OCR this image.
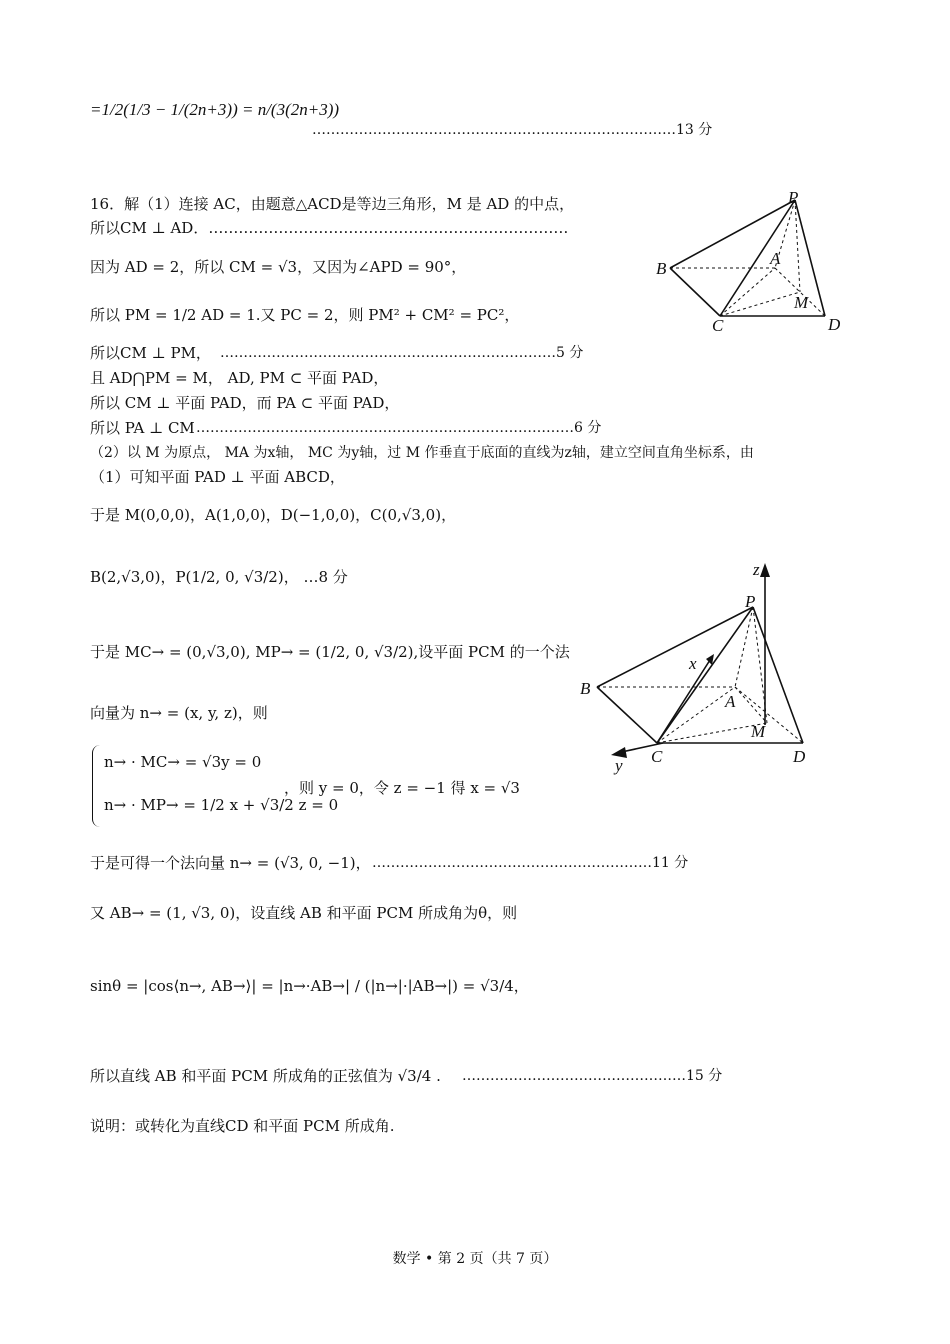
=1/2(1/3 − 1/(2n+3)) = n/(3(2n+3))
……………………………………………………………………13 分
16．解（1）连接 AC，由题意△ACD是等边三角形，M 是 AD 的中点，
所以CM ⊥ AD．………………………………………………………………
因为 AD = 2，所以 CM = √3，又因为∠APD = 90°，
所以 PM = 1/2 AD = 1.又 PC = 2，则 PM² + CM² = PC²，
所以CM ⊥ PM， ………………………………………………………………5 分
且 AD⋂PM = M， AD, PM ⊂ 平面 PAD，
所以 CM ⊥ 平面 PAD，而 PA ⊂ 平面 PAD，
所以 PA ⊥ CM ………………………………………………………………………6 分
（2）以 M 为原点， MA 为x轴， MC 为y轴，过 M 作垂直于底面的直线为z轴，建立空间直角坐标系，由
（1）可知平面 PAD ⊥ 平面 ABCD，
于是 M(0,0,0)，A(1,0,0)，D(−1,0,0)，C(0,√3,0)，
B(2,√3,0)，P(1/2, 0, √3/2)， …8 分
于是 MC→ = (0,√3,0), MP→ = (1/2, 0, √3/2),设平面 PCM 的一个法
向量为 n→ = (x, y, z)，则
n→ · MC→ = √3y = 0
n→ · MP→ = 1/2 x + √3/2 z = 0
，则 y = 0，令 z = −1 得 x = √3
于是可得一个法向量 n→ = (√3, 0, −1)， ……………………………………………………11 分
又 AB→ = (1, √3, 0)，设直线 AB 和平面 PCM 所成角为θ，则
sinθ = |cos⟨n→, AB→⟩| = |n→·AB→| / (|n→|·|AB→|) = √3/4，
所以直线 AB 和平面 PCM 所成角的正弦值为 √3/4 . …………………………………………15 分
说明：或转化为直线CD 和平面 PCM 所成角.
P
B
A
M
C	D
z
P
x
B
A
M
C	D
y
数学 • 第 2 页（共 7 页）
